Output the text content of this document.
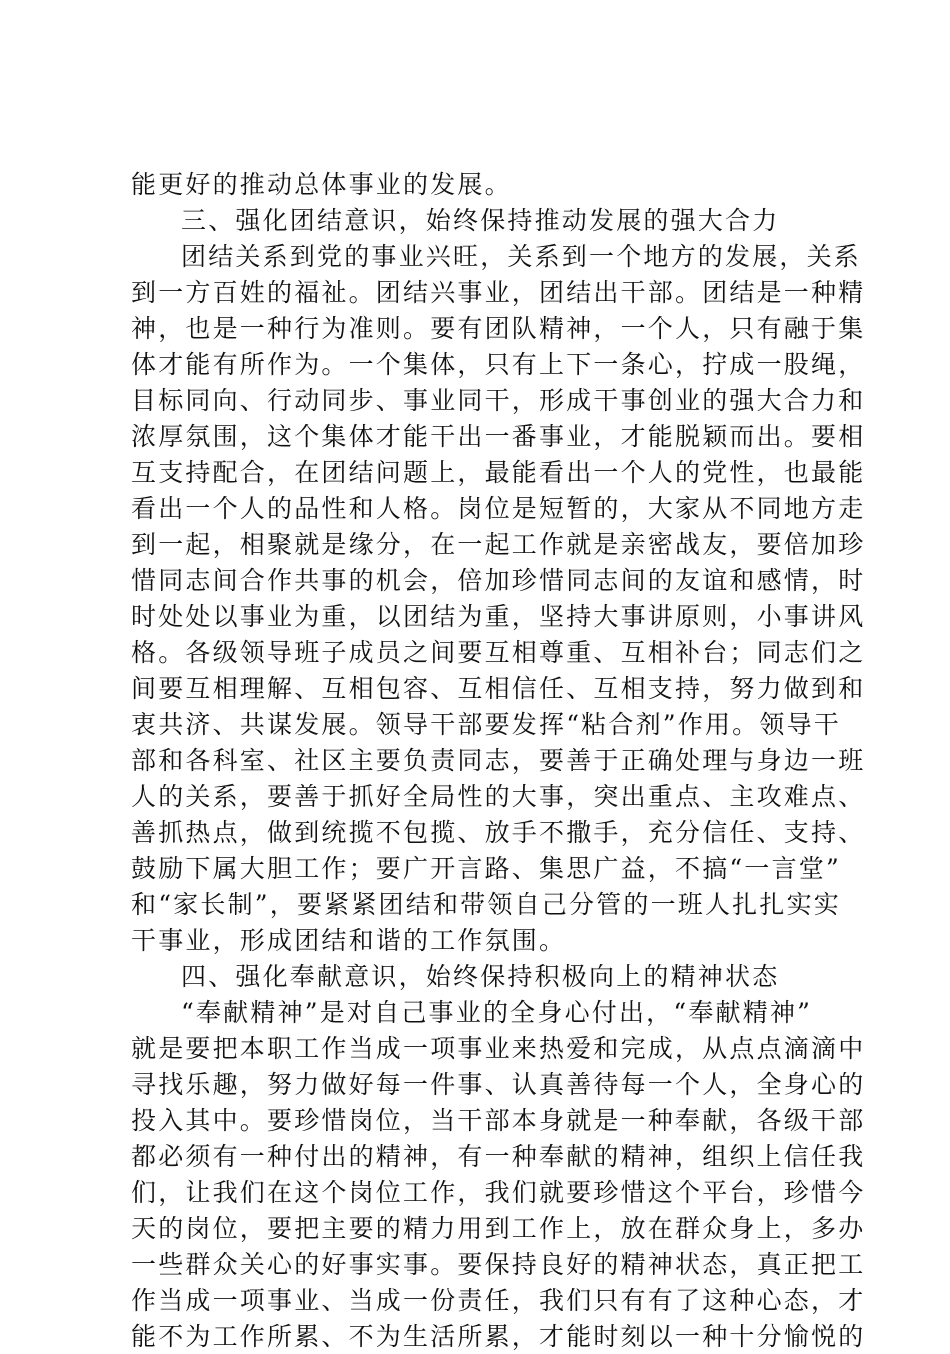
能更好的推动总体事业的发展。
三、强化团结意识，始终保持推动发展的强大合力
团结关系到党的事业兴旺，关系到一个地方的发展，关系
到一方百姓的福祉。团结兴事业，团结出干部。团结是一种精
神，也是一种行为准则。要有团队精神，一个人，只有融于集
体才能有所作为。一个集体，只有上下一条心，拧成一股绳，
目标同向、行动同步、事业同干，形成干事创业的强大合力和
浓厚氛围，这个集体才能干出一番事业，才能脱颖而出。要相
互支持配合，在团结问题上，最能看出一个人的党性，也最能
看出一个人的品性和人格。岗位是短暂的，大家从不同地方走
到一起，相聚就是缘分，在一起工作就是亲密战友，要倍加珍
惜同志间合作共事的机会，倍加珍惜同志间的友谊和感情，时
时处处以事业为重，以团结为重，坚持大事讲原则，小事讲风
格。各级领导班子成员之间要互相尊重、互相补台；同志们之
间要互相理解、互相包容、互相信任、互相支持，努力做到和
衷共济、共谋发展。领导干部要发挥“粘合剂”作用。领导干
部和各科室、社区主要负责同志，要善于正确处理与身边一班
人的关系，要善于抓好全局性的大事，突出重点、主攻难点、
善抓热点，做到统揽不包揽、放手不撒手，充分信任、支持、
鼓励下属大胆工作；要广开言路、集思广益，不搞“一言堂”
和“家长制”，要紧紧团结和带领自己分管的一班人扎扎实实
干事业，形成团结和谐的工作氛围。
四、强化奉献意识，始终保持积极向上的精神状态
“奉献精神”是对自己事业的全身心付出，“奉献精神”
就是要把本职工作当成一项事业来热爱和完成，从点点滴滴中
寻找乐趣，努力做好每一件事、认真善待每一个人，全身心的
投入其中。要珍惜岗位，当干部本身就是一种奉献，各级干部
都必须有一种付出的精神，有一种奉献的精神，组织上信任我
们，让我们在这个岗位工作，我们就要珍惜这个平台，珍惜今
天的岗位，要把主要的精力用到工作上，放在群众身上，多办
一些群众关心的好事实事。要保持良好的精神状态，真正把工
作当成一项事业、当成一份责任，我们只有有了这种心态，才
能不为工作所累、不为生活所累，才能时刻以一种十分愉悦的
